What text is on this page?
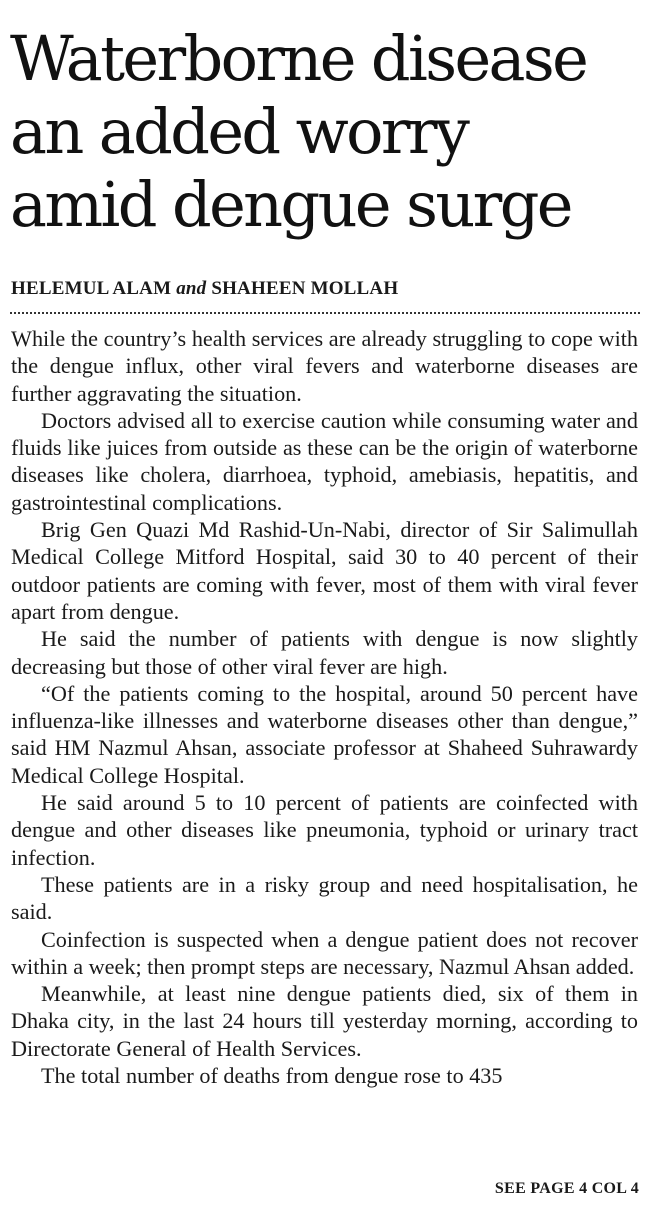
Waterborne disease
an added worry
amid dengue surge
HELEMUL ALAM and SHAHEEN MOLLAH

While the country’s health services are already struggling to cope with the dengue influx, other viral fevers and waterborne diseases are further aggravating the situation.

Doctors advised all to exercise caution while consuming water and fluids like juices from outside as these can be the origin of waterborne diseases like cholera, diarrhoea, typhoid, amebiasis, hepatitis, and gastrointestinal complications.

Brig Gen Quazi Md Rashid-Un-Nabi, director of Sir Salimullah Medical College Mitford Hospital, said 30 to 40 percent of their outdoor patients are coming with fever, most of them with viral fever apart from dengue.

He said the number of patients with dengue is now slightly decreasing but those of other viral fever are high.

“Of the patients coming to the hospital, around 50 percent have influenza-like illnesses and waterborne diseases other than dengue,” said HM Nazmul Ahsan, associate professor at Shaheed Suhrawardy Medical College Hospital.

He said around 5 to 10 percent of patients are coinfected with dengue and other diseases like pneumonia, typhoid or urinary tract infection.

These patients are in a risky group and need hospitalisation, he said.

Coinfection is suspected when a dengue patient does not recover within a week; then prompt steps are necessary, Nazmul Ahsan added.

Meanwhile, at least nine dengue patients died, six of them in Dhaka city, in the last 24 hours till yesterday morning, according to Directorate General of Health Services.

The total number of deaths from dengue rose to 435

SEE PAGE 4 COL 4
